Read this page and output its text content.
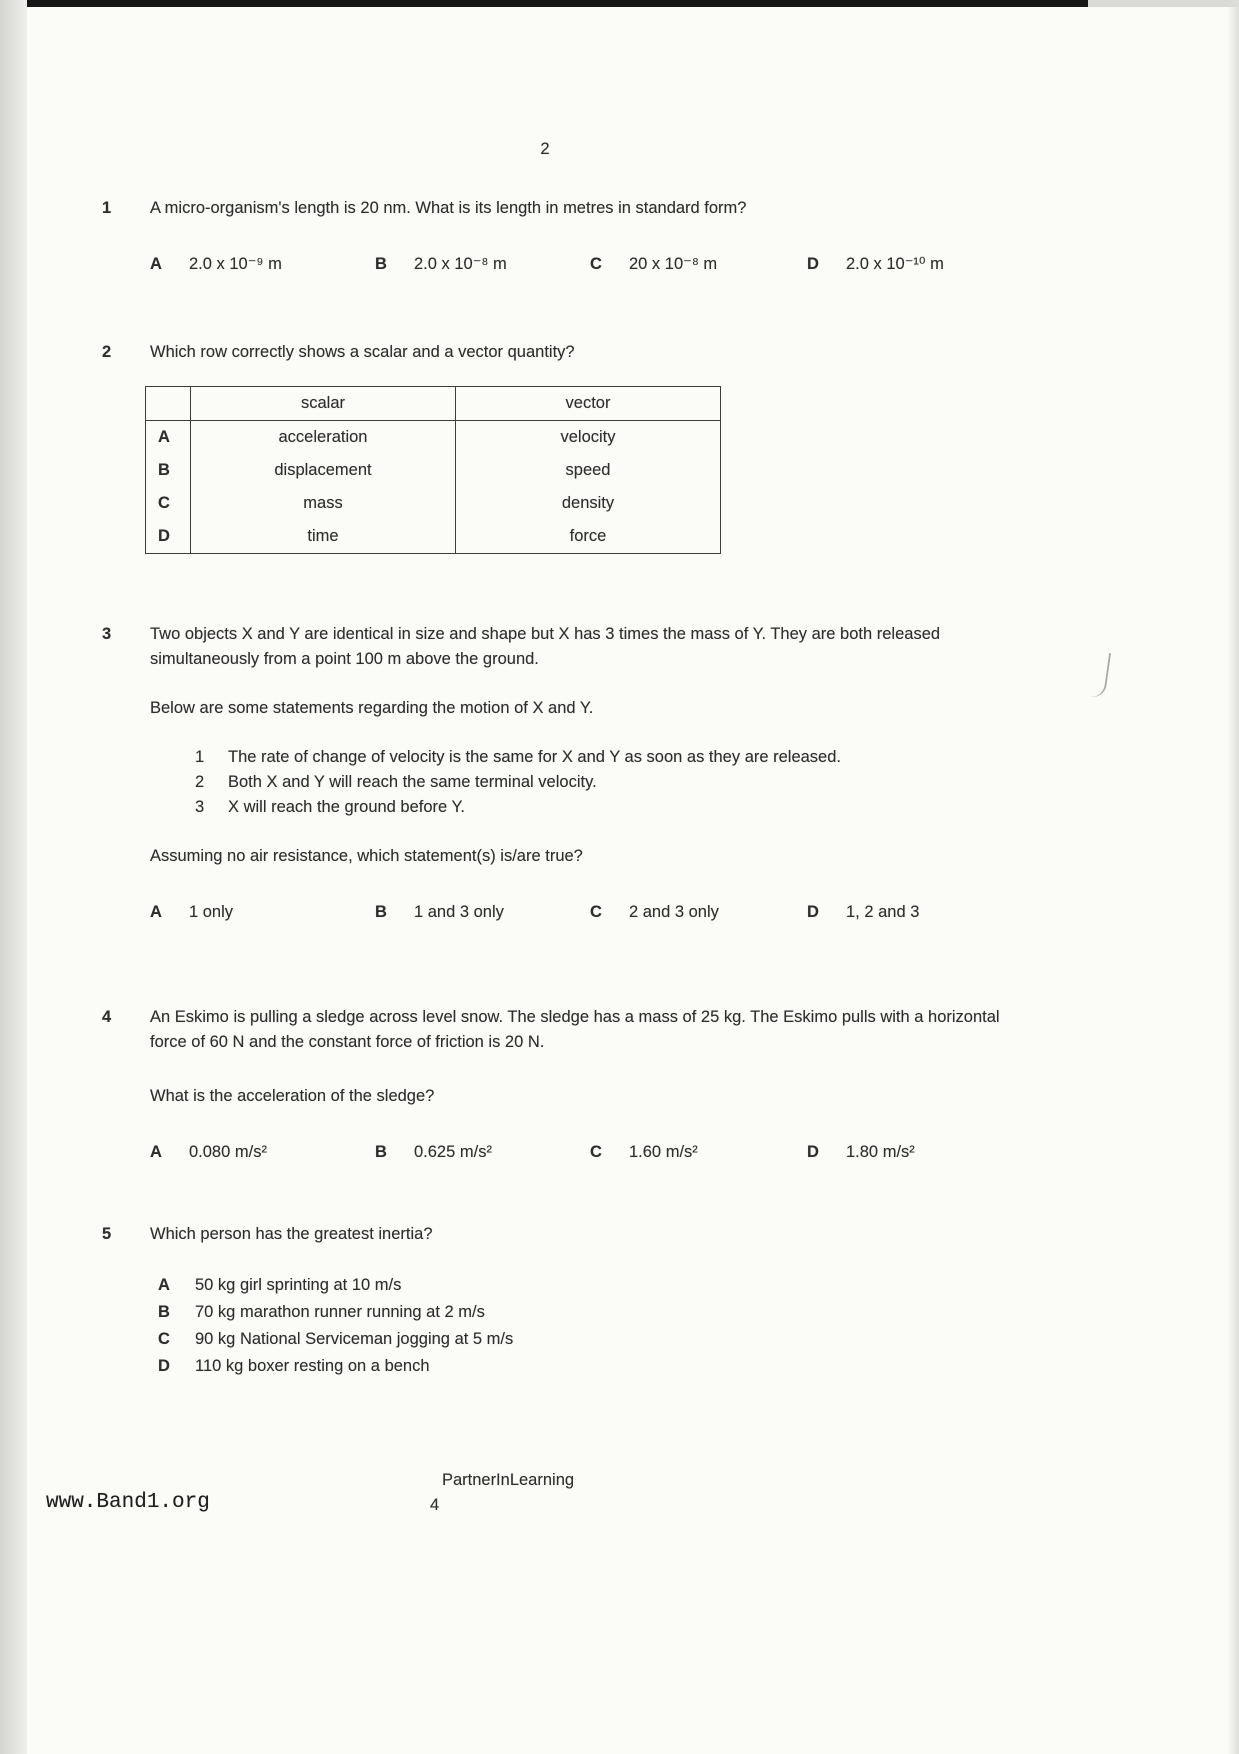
2
1	A micro-organism's length is 20 nm. What is its length in metres in standard form?
A	2.0 x 10⁻⁹ m	B	2.0 x 10⁻⁸ m	C	20 x 10⁻⁸ m	D	2.0 x 10⁻¹⁰ m
2	Which row correctly shows a scalar and a vector quantity?
	scalar	vector
A	acceleration	velocity
B	displacement	speed
C	mass	density
D	time	force
3	Two objects X and Y are identical in size and shape but X has 3 times the mass of Y. They are both released simultaneously from a point 100 m above the ground.
Below are some statements regarding the motion of X and Y.
1	The rate of change of velocity is the same for X and Y as soon as they are released.
2	Both X and Y will reach the same terminal velocity.
3	X will reach the ground before Y.
Assuming no air resistance, which statement(s) is/are true?
A	1 only	B	1 and 3 only	C	2 and 3 only	D	1, 2 and 3
4	An Eskimo is pulling a sledge across level snow. The sledge has a mass of 25 kg. The Eskimo pulls with a horizontal force of 60 N and the constant force of friction is 20 N.
What is the acceleration of the sledge?
A	0.080 m/s²	B	0.625 m/s²	C	1.60 m/s²	D	1.80 m/s²
5	Which person has the greatest inertia?
A	50 kg girl sprinting at 10 m/s
B	70 kg marathon runner running at 2 m/s
C	90 kg National Serviceman jogging at 5 m/s
D	110 kg boxer resting on a bench
PartnerInLearning
4
www.Band1.org
